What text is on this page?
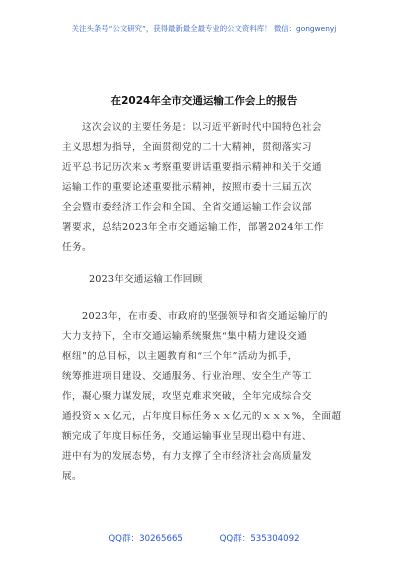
关注头条号“公文研究”，获得最新最全最专业的公文资料库！ 微信：gongwenyj
在2024年全市交通运输工作会上的报告
　　这次会议的主要任务是：以习近平新时代中国特色社会
主义思想为指导，全面贯彻党的二十大精神，贯彻落实习
近平总书记历次来ｘ考察重要讲话重要指示精神和关于交通
运输工作的重要论述重要批示精神，按照市委十三届五次
全会暨市委经济工作会和全国、全省交通运输工作会议部
署要求，总结2023年全市交通运输工作，部署2024年工作
任务。
2023年交通运输工作回顾
　　2023年，在市委、市政府的坚强领导和省交通运输厅的
大力支持下，全市交通运输系统聚焦“集中精力建设交通
枢纽”的总目标，以主题教育和“三个年”活动为抓手，
统筹推进项目建设、交通服务、行业治理、安全生产等工
作，凝心聚力谋发展，攻坚克难求突破，全年完成综合交
通投资ｘｘ亿元，占年度目标任务ｘｘ亿元的ｘｘｘ%，全面超
额完成了年度目标任务，交通运输事业呈现出稳中有进、
进中有为的发展态势，有力支撑了全市经济社会高质量发
展。
QQ群：30265665	QQ群：535304092
